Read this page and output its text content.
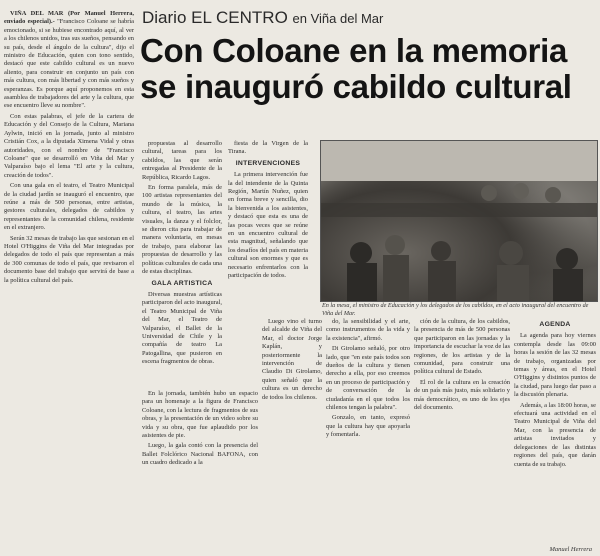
Diario EL CENTRO en Viña del Mar
Con Coloane en la memoria
se inauguró cabildo cultural

VIÑA DEL MAR (Por Manuel Herrera, enviado especial).- "Francisco Coloane se habría emocionado, si se hubiese encontrado aquí, al ver a los chilenos unidos, tras sus sueños, pensando en su país, desde el ángulo de la cultura", dijo el ministro de Educación, quien con tono sentido, destacó que este cabildo cultural es un nuevo aliento, para construir en conjunto un país con más cultura, con más libertad y con más sueños y esperanzas. Es porque aquí proponemos en esta asamblea de trabajadores del arte y la cultura, que ese encuentro lleve su nombre".

Con estas palabras, el jefe de la cartera de Educación y del Consejo de la Cultura, Mariana Aylwin, inició en la jornada, junto al ministro Cristián Cox, a la diputada Ximena Vidal y otras autoridades, con el nombre de "Francisco Coloane" que se desarrolló en Viña del Mar y Valparaíso bajo el lema "El arte y la cultura, creación de todos".

Con una gala en el teatro, el Teatro Municipal de la ciudad jardín se inauguró el encuentro, que reúne a más de 500 personas, entre artistas, gestores culturales, delegados de cabildos y representantes de la comunidad chilena, residente en el extranjero.

Serán 32 mesas de trabajo las que sesionan en el Hotel O'Higgins de Viña del Mar integradas por delegados de todo el país que representan a más de 300 comunas de todo el país, que revisaron el documento base del trabajo que servirá de base a la política cultural del país.

propuestas al desarrollo cultural, tareas para los cabildos, las que serán entregadas al Presidente de la República, Ricardo Lagos.

En forma paralela, más de 100 artistas representantes del mundo de la música, la cultura, el teatro, las artes visuales, la danza y el folclor, se dieron cita para trabajar de manera voluntaria, en mesas de trabajo, para elaborar las propuestas de desarrollo y las políticas culturales de cada una de estas disciplinas.

GALA ARTISTICA

Diversas muestras artísticas participaron del acto inaugural, el Teatro Municipal de Viña del Mar, el Teatro de Valparaíso, el Ballet de la Universidad de Chile y la compañía de teatro La Patogallina, que pusieron en escena fragmentos de obras.

fiesta de la Virgen de la Tirana.

INTERVENCIONES

La primera intervención fue la del intendente de la Quinta Región, Martín Nuñez, quien en forma breve y sencilla, dio la bienvenida a los asistentes, y destacó que esta es una de las pocas veces que se reúne en un encuentro cultural de esta magnitud, señalando que los desafíos del país en materia cultural son enormes y que es necesario enfrentarlos con la participación de todos.

En la mesa, el ministro de Educación y los delegados de los cabildos, en el acto inaugural del encuentro de Viña del Mar.

En la jornada, también hubo un espacio para un homenaje a la figura de Francisco Coloane, con la lectura de fragmentos de sus obras, y la presentación de un video sobre su vida y su obra, que fue aplaudido por los asistentes de pie.

Luego, la gala contó con la presencia del Ballet Folclórico Nacional BAFONA, con un cuadro dedicado a la

Luego vino el turno del alcalde de Viña del Mar, el doctor Jorge Kaplán, y posteriormente la intervención de Claudio Di Girolamo, quien señaló que la cultura es un derecho de todos los chilenos.

do, la sensibilidad y el arte, como instrumentos de la vida y la existencia", afirmó.

Di Girolamo señaló, por otro lado, que "en este país todos son dueños de la cultura y tienen derecho a ella, por eso creemos en un proceso de participación y de conversación de la ciudadanía en el que todos los chilenos tengan la palabra".

Gonzalo, en tanto, expresó que la cultura hay que apoyarla y fomentarla.

ción de la cultura, de los cabildos, la presencia de más de 500 personas que participaron en las jornadas y la importancia de escuchar la voz de las regiones, de los artistas y de la comunidad, para construir una política cultural de Estado.

El rol de la cultura en la creación de un país más justo, más solidario y más democrático, es uno de los ejes del documento.

AGENDA

La agenda para hoy viernes contempla desde las 09:00 horas la sesión de las 32 mesas de trabajo, organizadas por temas y áreas, en el Hotel O'Higgins y distintos puntos de la ciudad, para luego dar paso a la discusión plenaria.

Además, a las 18:00 horas, se efectuará una actividad en el Teatro Municipal de Viña del Mar, con la presencia de artistas invitados y delegaciones de las distintas regiones del país, que darán cuenta de su trabajo.

Manuel Herrera
